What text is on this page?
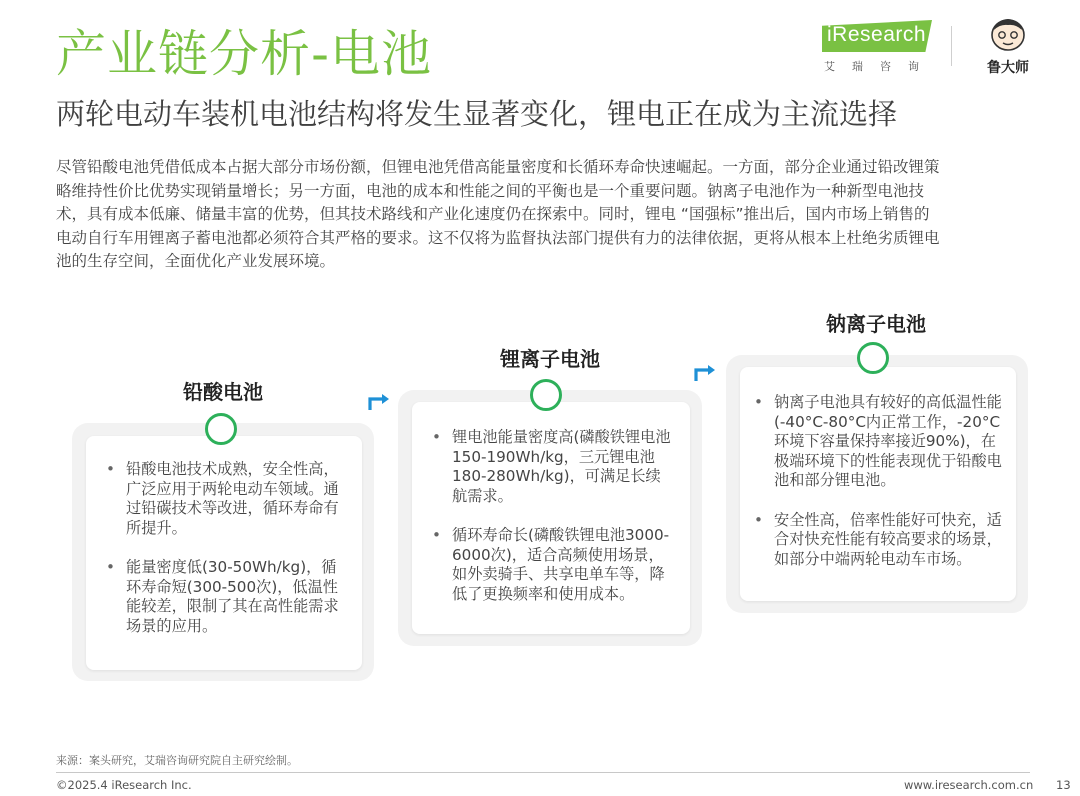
产业链分析-电池
两轮电动车装机电池结构将发生显著变化，锂电正在成为主流选择
iResearch
艾瑞咨询	鲁大师
尽管铅酸电池凭借低成本占据大部分市场份额，但锂电池凭借高能量密度和长循环寿命快速崛起。一方面，部分企业通过铅改锂策
略维持性价比优势实现销量增长；另一方面，电池的成本和性能之间的平衡也是一个重要问题。钠离子电池作为一种新型电池技
术，具有成本低廉、储量丰富的优势，但其技术路线和产业化速度仍在探索中。同时，锂电 “国强标”推出后，国内市场上销售的
电动自行车用锂离子蓄电池都必须符合其严格的要求。这不仅将为监督执法部门提供有力的法律依据，更将从根本上杜绝劣质锂电
池的生存空间，全面优化产业发展环境。
铅酸电池
• 铅酸电池技术成熟，安全性高，广泛应用于两轮电动车领域。通过铅碳技术等改进，循环寿命有所提升。
• 能量密度低(30-50Wh/kg)，循环寿命短(300-500次)，低温性能较差，限制了其在高性能需求场景的应用。
锂离子电池
• 锂电池能量密度高(磷酸铁锂电池150-190Wh/kg，三元锂电池180-280Wh/kg)，可满足长续航需求。
• 循环寿命长(磷酸铁锂电池3000-6000次)，适合高频使用场景，如外卖骑手、共享电单车等，降低了更换频率和使用成本。
钠离子电池
• 钠离子电池具有较好的高低温性能(-40°C-80°C内正常工作，-20°C环境下容量保持率接近90%)，在极端环境下的性能表现优于铅酸电池和部分锂电池。
• 安全性高，倍率性能好可快充，适合对快充性能有较高要求的场景，如部分中端两轮电动车市场。
来源：案头研究，艾瑞咨询研究院自主研究绘制。
©2025.4 iResearch Inc.	www.iresearch.com.cn 13
